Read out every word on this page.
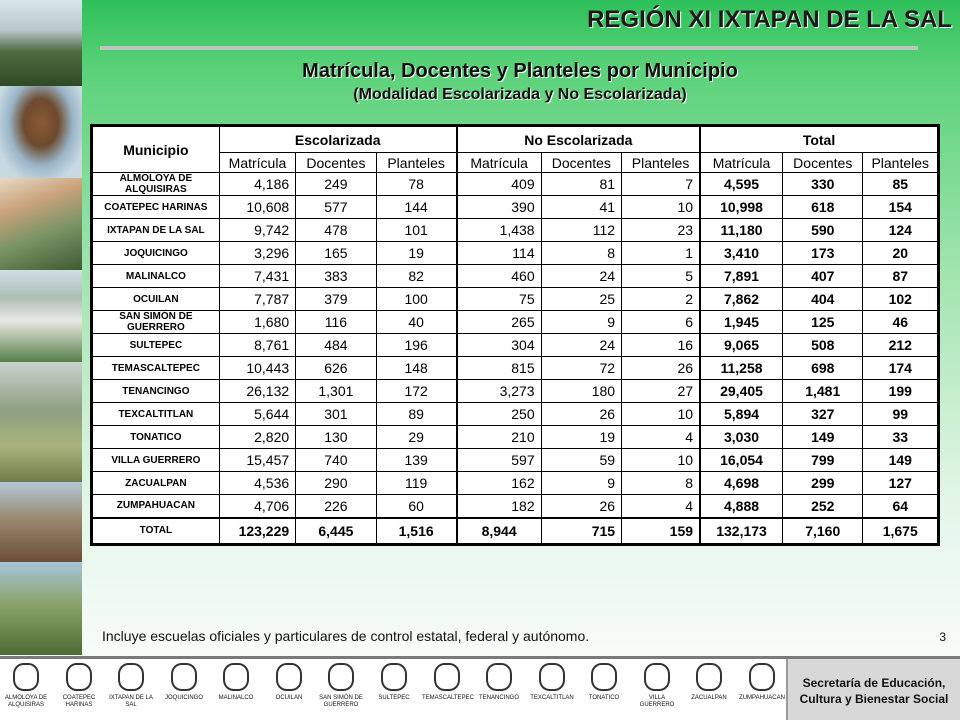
REGIÓN XI IXTAPAN DE LA SAL
Matrícula, Docentes y Planteles por Municipio
(Modalidad Escolarizada y No Escolarizada)
Municipio	Escolarizada			No Escolarizada			Total		
	Matrícula	Docentes	Planteles	Matrícula	Docentes	Planteles	Matrícula	Docentes	Planteles
ALMOLOYA DE ALQUISIRAS	4,186	249	78	409	81	7	4,595	330	85
COATEPEC HARINAS	10,608	577	144	390	41	10	10,998	618	154
IXTAPAN DE LA SAL	9,742	478	101	1,438	112	23	11,180	590	124
JOQUICINGO	3,296	165	19	114	8	1	3,410	173	20
MALINALCO	7,431	383	82	460	24	5	7,891	407	87
OCUILAN	7,787	379	100	75	25	2	7,862	404	102
SAN SIMÓN DE GUERRERO	1,680	116	40	265	9	6	1,945	125	46
SULTEPEC	8,761	484	196	304	24	16	9,065	508	212
TEMASCALTEPEC	10,443	626	148	815	72	26	11,258	698	174
TENANCINGO	26,132	1,301	172	3,273	180	27	29,405	1,481	199
TEXCALTITLAN	5,644	301	89	250	26	10	5,894	327	99
TONATICO	2,820	130	29	210	19	4	3,030	149	33
VILLA GUERRERO	15,457	740	139	597	59	10	16,054	799	149
ZACUALPAN	4,536	290	119	162	9	8	4,698	299	127
ZUMPAHUACAN	4,706	226	60	182	26	4	4,888	252	64
TOTAL	123,229	6,445	1,516	8,944	715	159	132,173	7,160	1,675
Incluye escuelas oficiales y particulares de control estatal, federal y autónomo.	3
ALMOLOYA DE ALQUISIRAS
COATEPEC HARINAS
IXTAPAN DE LA SAL
JOQUICINGO	MALINALCO	OCUILAN	SAN SIMÓN DE GUERRERO
SULTEPEC	TEMASCALTEPEC TENANCINGO	TEXCALTITLAN	TONATICO	VILLA GUERRERO
ZACUALPAN	ZUMPAHUACAN
Secretaría de Educación,
Cultura y Bienestar Social
